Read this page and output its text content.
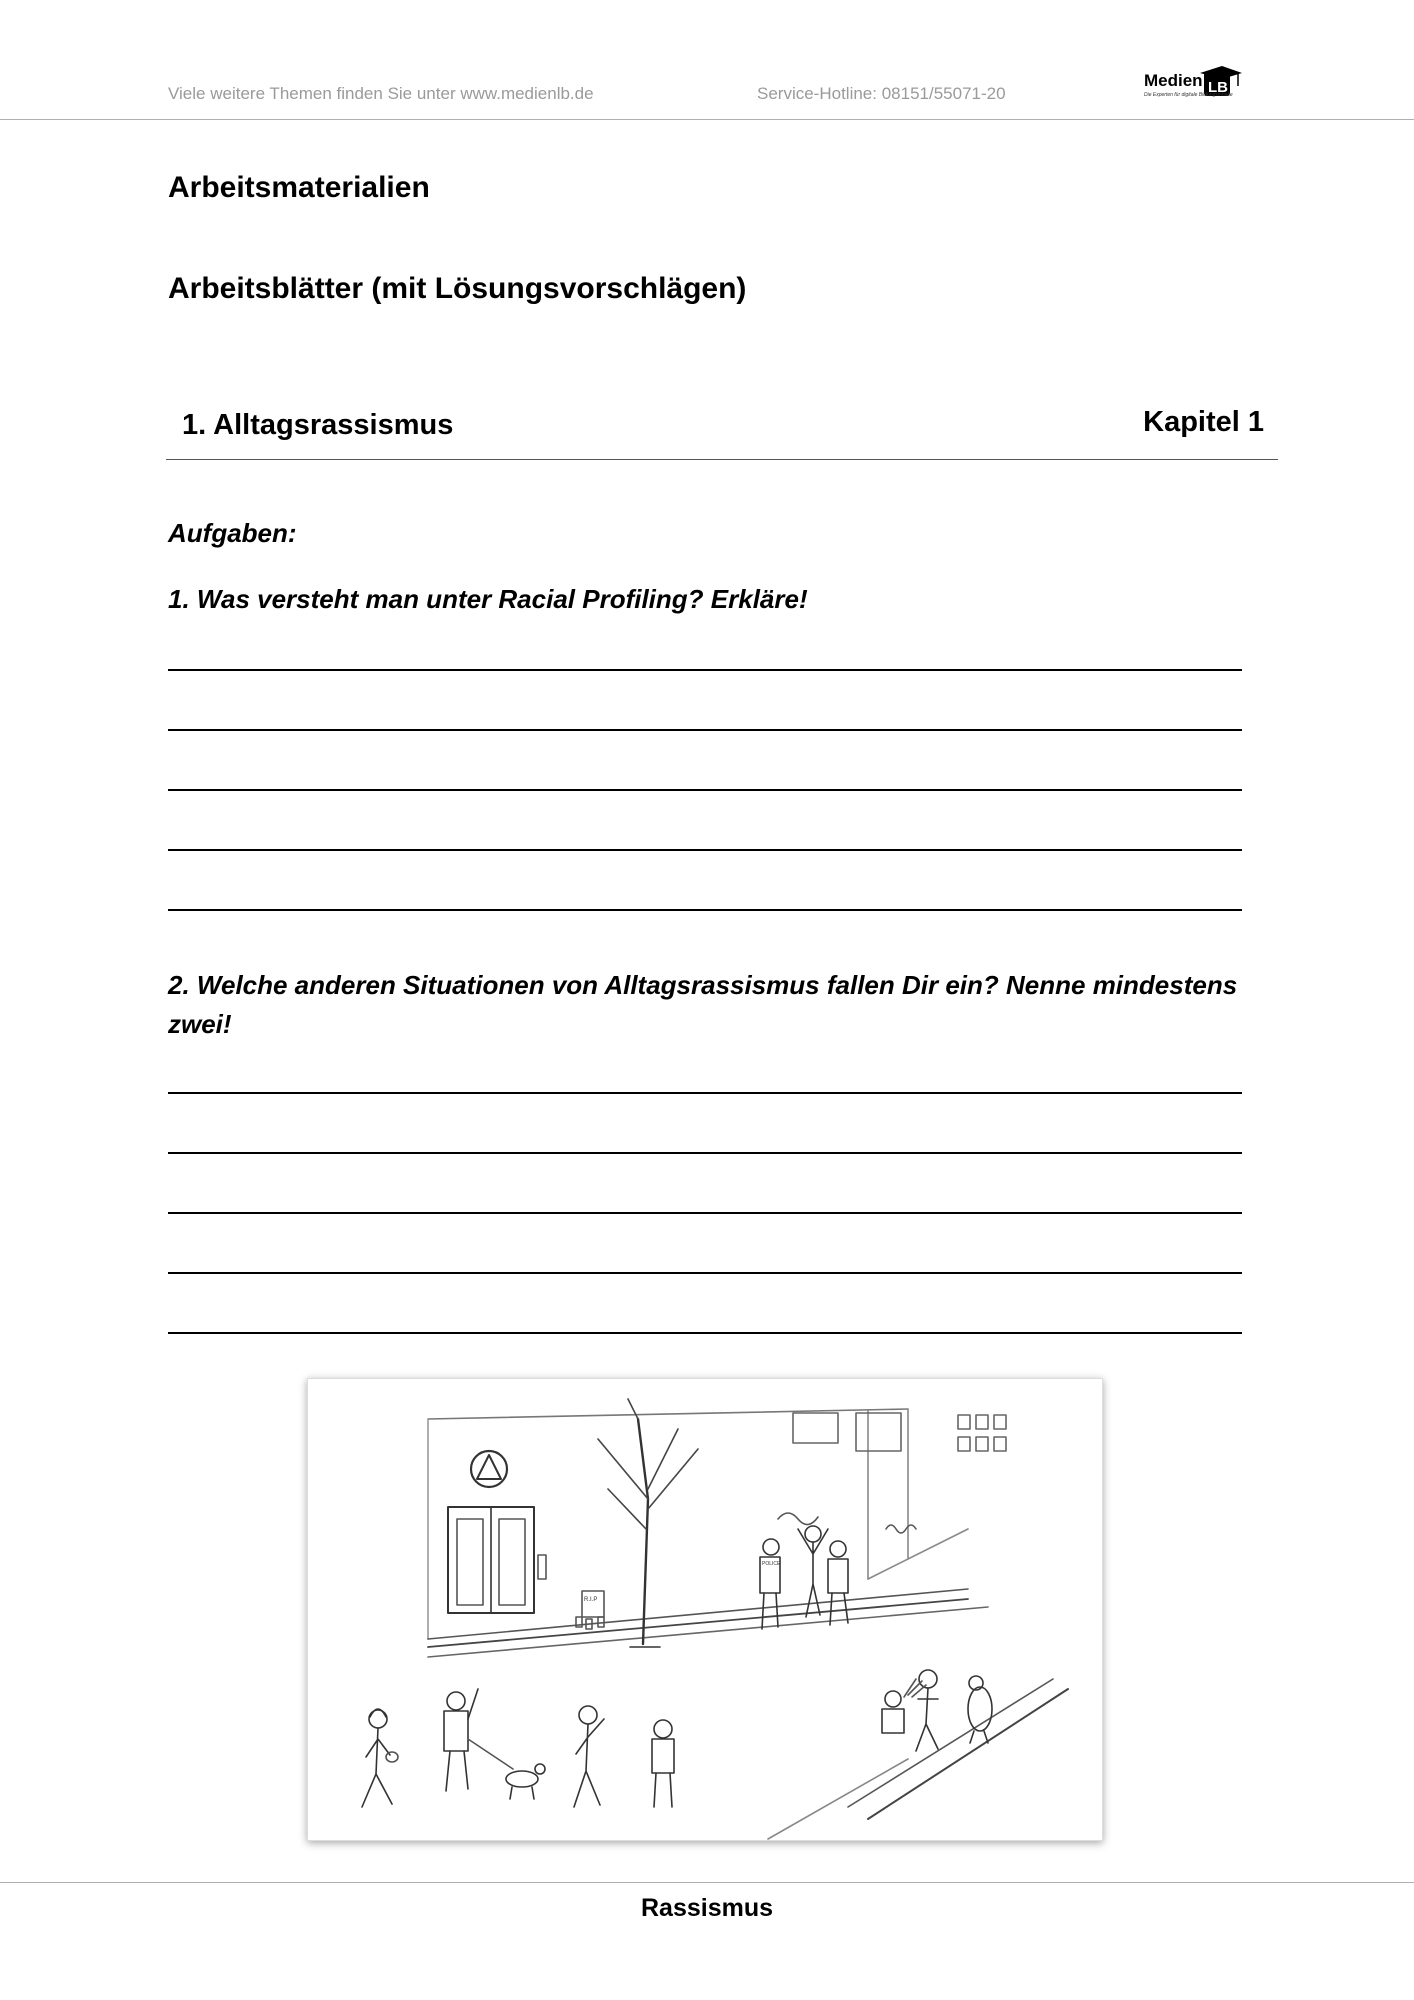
Viele weitere Themen finden Sie unter www.medienlb.de	Service-Hotline: 08151/55071-20	LB
Medien
Die Experten für digitale Bildungsinhalte
Arbeitsmaterialien
Arbeitsblätter (mit Lösungsvorschlägen)
1. Alltagsrassismus	Kapitel 1
Aufgaben:
1. Was versteht man unter Racial Profiling? Erkläre!
2. Welche anderen Situationen von Alltagsrassismus fallen Dir ein? Nenne mindestens zwei!
R.I.P
POLICE
Rassismus
